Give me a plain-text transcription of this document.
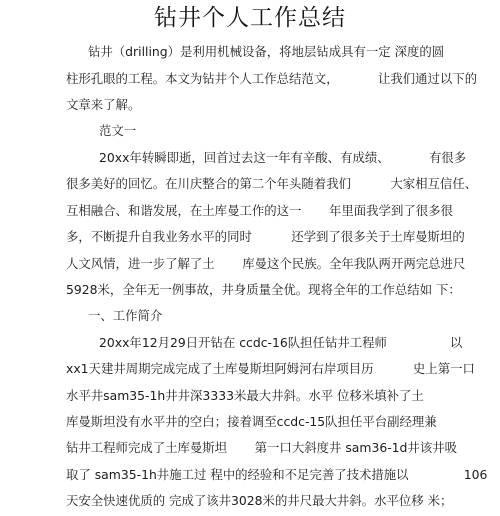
钻井个人工作总结
钻井（drilling）是利用机械设备，将地层钻成具有一定 深度的圆
柱形孔眼的工程。本文为钻井个人工作总结范文，          让我们通过以下的
文章来了解。
范文一
20xx年转瞬即逝，回首过去这一年有辛酸、有成绩、          有很多
很多美好的回忆。在川庆整合的第二个年头随着我们          大家相互信任、
互相融合、和谐发展，在土库曼工作的这一       年里面我学到了很多很
多，不断提升自我业务水平的同时          还学到了很多关于土库曼斯坦的
人文风情，进一步了解了土       库曼这个民族。全年我队两开两完总进尺
5928米，全年无一例事故，井身质量全优。现将全年的工作总结如 下：
一、工作简介
20xx年12月29日开钻在 ccdc-16队担任钻井工程师                以
xx1天建井周期完成完成了土库曼斯坦阿姆河右岸项目历          史上第一口
水平井sam35-1h井井深3333米最大井斜。水平 位移米填补了土
库曼斯坦没有水平井的空白；接着调至ccdc-15队担任平台副经理兼
钻井工程师完成了土库曼斯坦       第一口大斜度井 sam36-1d井该井吸
取了 sam35-1h井施工过 程中的经验和不足完善了技术措施以              106
天安全快速优质的 完成了该井3028米的井尺最大井斜。水平位移 米；
